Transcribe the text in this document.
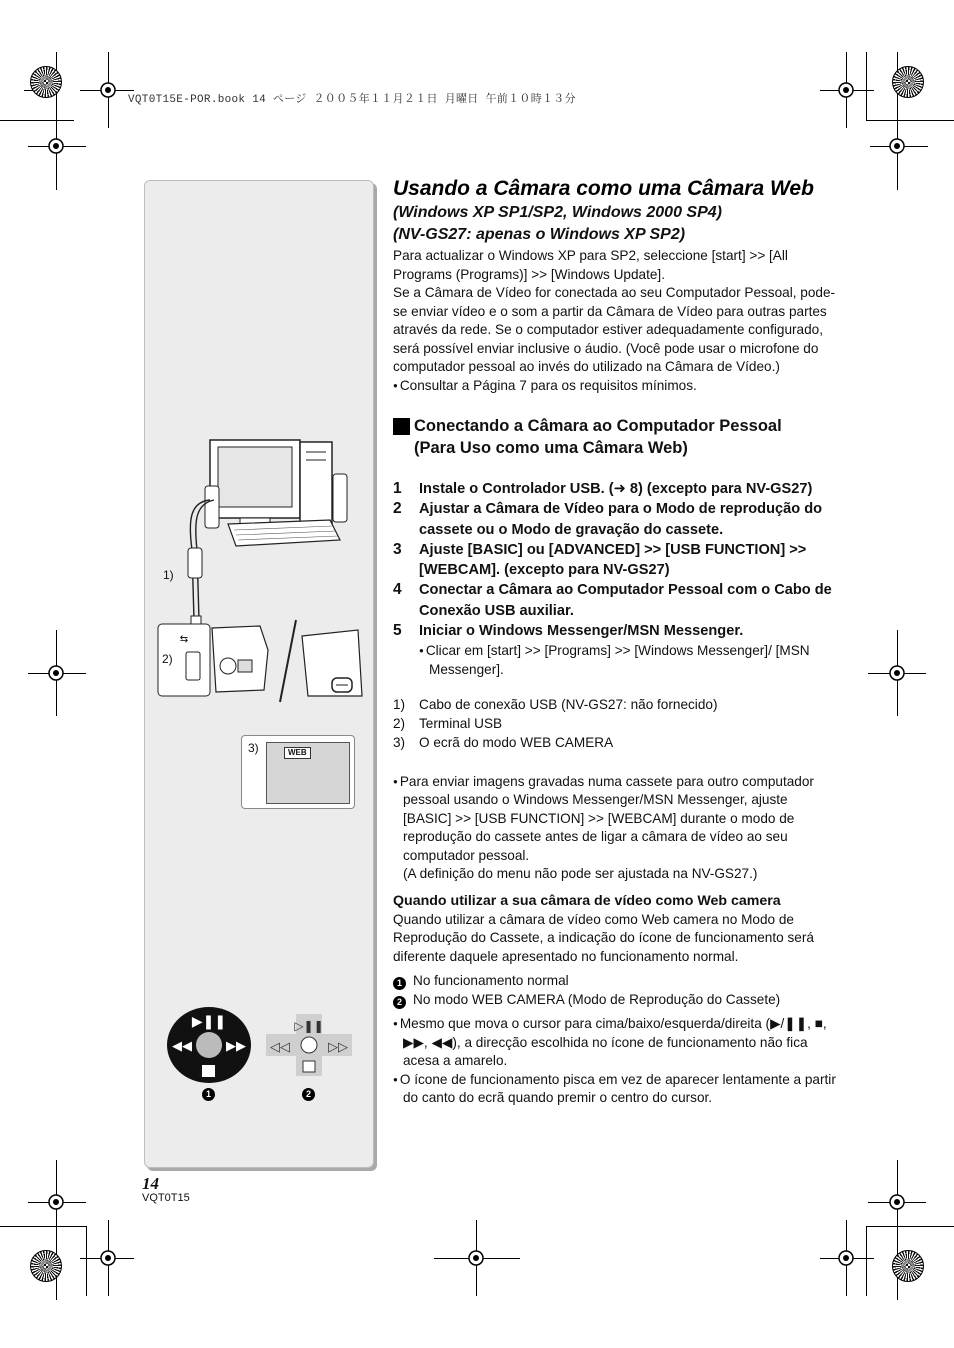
VQT0T15E-POR.book 14 ページ ２００５年１１月２１日 月曜日 午前１０時１３分
⇆
1)
2)
3)	WEB
▶❚❚
◀◀	▶▶
▷❚❚
◁◁	▷▷
1	2
Usando a Câmara como uma Câmara Web

(Windows XP SP1/SP2, Windows 2000 SP4)

(NV-GS27: apenas o Windows XP SP2)

Para actualizar o Windows XP para SP2, seleccione [start] >> [All Programs (Programs)] >> [Windows Update].

Se a Câmara de Vídeo for conectada ao seu Computador Pessoal, pode-se enviar vídeo e o som a partir da Câmara de Vídeo para outras partes através da rede. Se o computador estiver adequadamente configurado, será possível enviar inclusive o áudio. (Você pode usar o microfone do computador pessoal ao invés do utilizado na Câmara de Vídeo.)

● Consultar a Página 7 para os requisitos mínimos.

Conectando a Câmara ao Computador Pessoal
(Para Uso como uma Câmara Web)
1 Instale o Controlador USB. (➜ 8) (excepto para NV-GS27)
2 Ajustar a Câmara de Vídeo para o Modo de reprodução do cassete ou o Modo de gravação do cassete.
3 Ajuste [BASIC] ou [ADVANCED] >> [USB FUNCTION] >> [WEBCAM]. (excepto para NV-GS27)
4 Conectar a Câmara ao Computador Pessoal com o Cabo de Conexão USB auxiliar.
5 Iniciar o Windows Messenger/MSN Messenger.
● Clicar em [start] >> [Programs] >> [Windows Messenger]/ [MSN Messenger].
1)	Cabo de conexão USB (NV-GS27: não fornecido)
2)	Terminal USB
3)	O ecrã do modo WEB CAMERA

● Para enviar imagens gravadas numa cassete para outro computador pessoal usando o Windows Messenger/MSN Messenger, ajuste [BASIC] >> [USB FUNCTION] >> [WEBCAM] durante o modo de reprodução do cassete antes de ligar a câmara de vídeo ao seu computador pessoal.

(A definição do menu não pode ser ajustada na NV-GS27.)

Quando utilizar a sua câmara de vídeo como Web camera

Quando utilizar a câmara de vídeo como Web camera no Modo de Reprodução do Cassete, a indicação do ícone de funcionamento será diferente daquele apresentado no funcionamento normal.

1 No funcionamento normal

2 No modo WEB CAMERA (Modo de Reprodução do Cassete)

● Mesmo que mova o cursor para cima/baixo/esquerda/direita (▶/❚❚, ■, ▶▶, ◀◀), a direcção escolhida no ícone de funcionamento não fica acesa a amarelo.

● O ícone de funcionamento pisca em vez de aparecer lentamente a partir do canto do ecrã quando premir o centro do cursor.

14
VQT0T15
